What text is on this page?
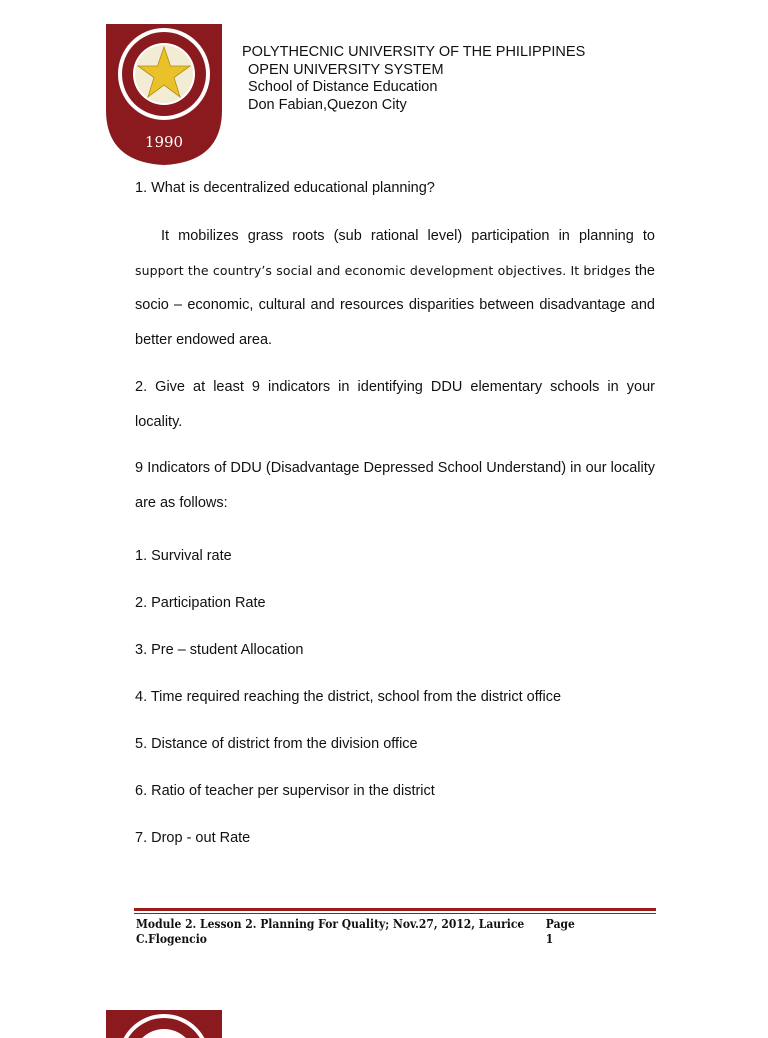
1990
POLYTHECNIC UNIVERSITY OF THE PHILIPPINES
OPEN UNIVERSITY SYSTEM
School of Distance Education
Don Fabian,Quezon City

1. What is decentralized educational planning?

It mobilizes grass roots (sub rational level) participation in planning to support the country’s social and economic development objectives. It bridges the socio – economic, cultural and resources disparities between disadvantage and better endowed area.

2. Give at least 9 indicators in identifying DDU elementary schools in your locality.

9 Indicators of DDU (Disadvantage Depressed School Understand) in our locality are as follows:

1. Survival rate

2. Participation Rate

3. Pre – student Allocation

4. Time required reaching the district, school from the district office

5. Distance of district from the division office

6. Ratio of teacher per supervisor in the district

7. Drop - out Rate

Module 2. Lesson 2. Planning For Quality; Nov.27, 2012, Laurice C.Flogencio
Page 1
